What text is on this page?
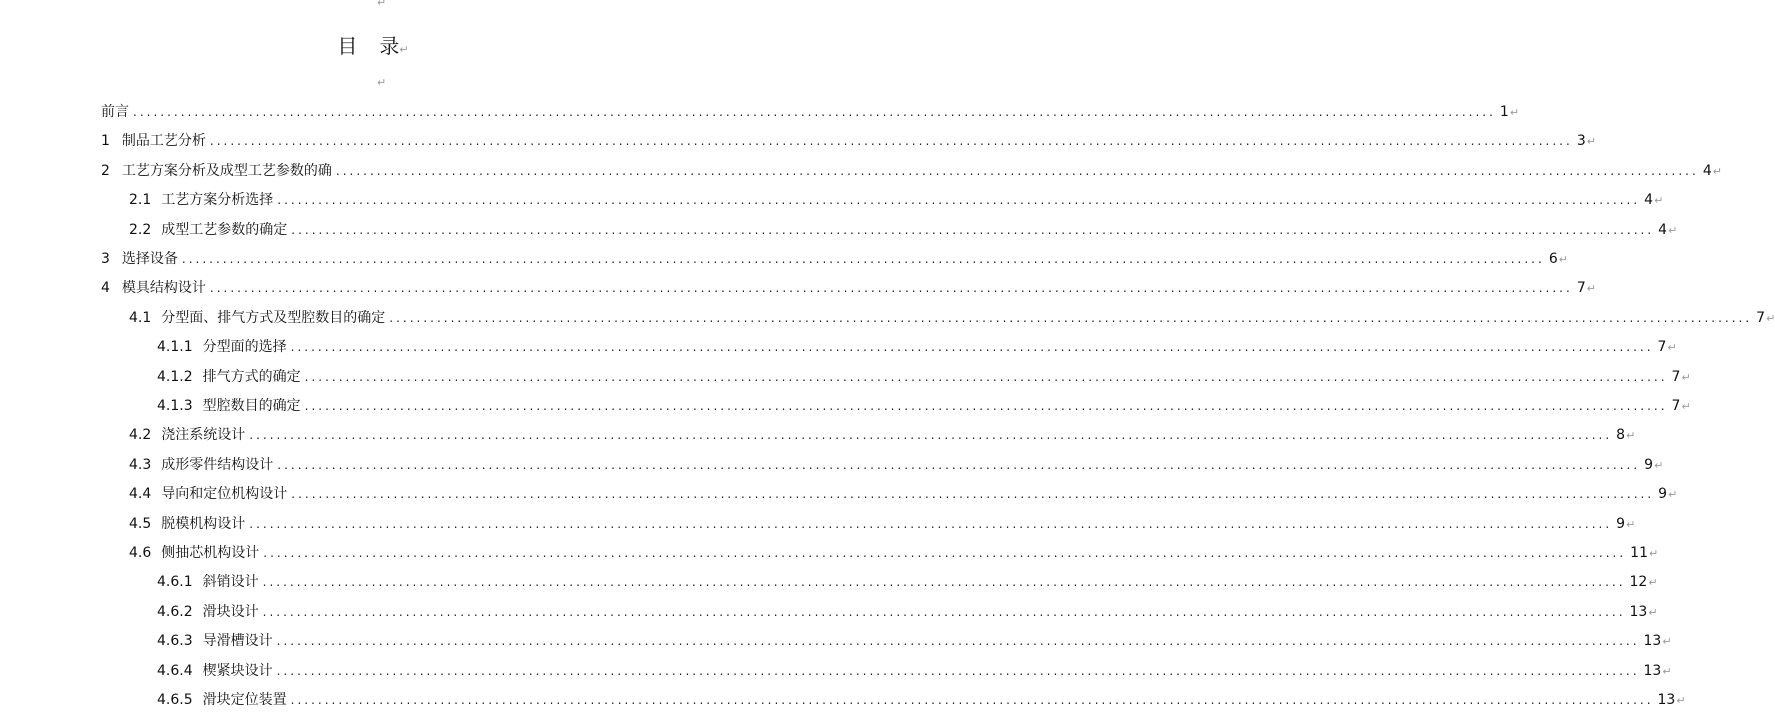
↵
目 录↵
↵
前言 ........................................................................................................................................................................................................ 1 ↵
1 制品工艺分析 ........................................................................................................................................................................................................ 3 ↵
2 工艺方案分析及成型工艺参数的确 ........................................................................................................................................................................................................ 4 ↵
2.1 工艺方案分析选择 ........................................................................................................................................................................................................ 4 ↵
2.2 成型工艺参数的确定 ........................................................................................................................................................................................................ 4 ↵
3 选择设备 ........................................................................................................................................................................................................ 6 ↵
4 模具结构设计 ........................................................................................................................................................................................................ 7 ↵
4.1 分型面、排气方式及型腔数目的确定 ........................................................................................................................................................................................................ 7 ↵
4.1.1 分型面的选择 ........................................................................................................................................................................................................ 7 ↵
4.1.2 排气方式的确定 ........................................................................................................................................................................................................ 7 ↵
4.1.3 型腔数目的确定 ........................................................................................................................................................................................................ 7 ↵
4.2 浇注系统设计 ........................................................................................................................................................................................................ 8 ↵
4.3 成形零件结构设计 ........................................................................................................................................................................................................ 9 ↵
4.4 导向和定位机构设计 ........................................................................................................................................................................................................ 9 ↵
4.5 脱模机构设计 ........................................................................................................................................................................................................ 9 ↵
4.6 侧抽芯机构设计 ........................................................................................................................................................................................................ 11 ↵
4.6.1 斜销设计 ........................................................................................................................................................................................................ 12 ↵
4.6.2 滑块设计 ........................................................................................................................................................................................................ 13 ↵
4.6.3 导滑槽设计 ........................................................................................................................................................................................................ 13 ↵
4.6.4 楔紧块设计 ........................................................................................................................................................................................................ 13 ↵
4.6.5 滑块定位装置 ........................................................................................................................................................................................................ 13 ↵
